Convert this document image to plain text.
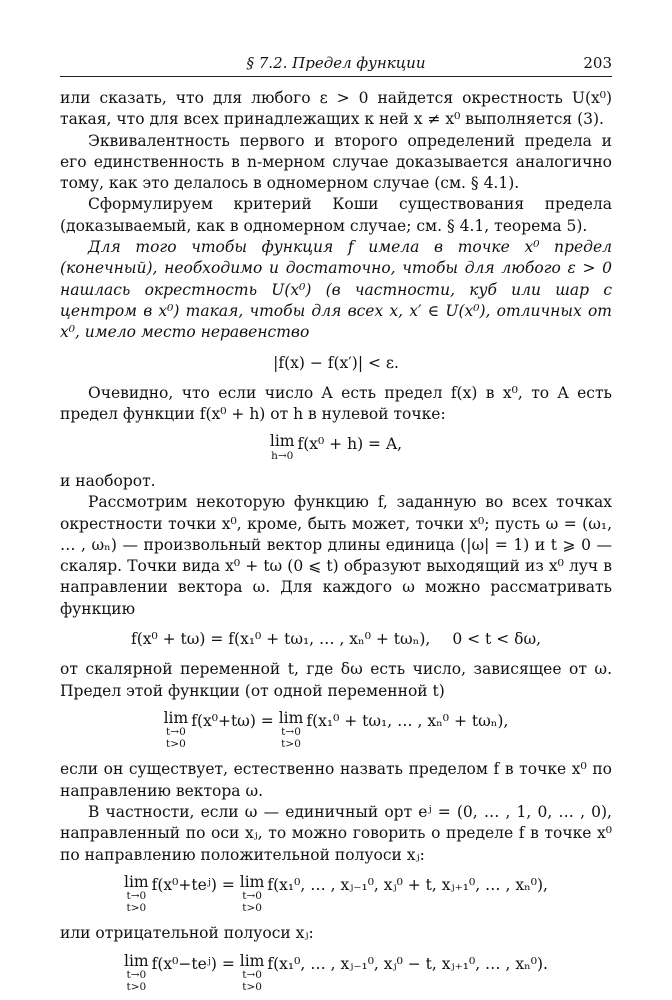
§ 7.2. Предел функции	203

или сказать, что для любого ε > 0 найдется окрестность U(x⁰) такая, что для всех принадлежащих к ней x ≠ x⁰ выполняется (3).

Эквивалентность первого и второго определений предела и его единственность в n-мерном случае доказывается аналогично тому, как это делалось в одномерном случае (см. § 4.1).

Сформулируем критерий Коши существования предела (доказываемый, как в одномерном случае; см. § 4.1, теорема 5).

Для того чтобы функция f имела в точке x⁰ предел (конечный), необходимо и достаточно, чтобы для любого ε > 0 нашлась окрестность U(x⁰) (в частности, куб или шар с центром в x⁰) такая, чтобы для всех x, x′ ∈ U(x⁰), отличных от x⁰, имело место неравенство

|f(x) − f(x′)| < ε.

Очевидно, что если число A есть предел f(x) в x⁰, то A есть предел функции f(x⁰ + h) от h в нулевой точке:

lim
h→0
f(x⁰ + h) = A,

и наоборот.

Рассмотрим некоторую функцию f, заданную во всех точках окрестности точки x⁰, кроме, быть может, точки x⁰; пусть ω = (ω₁, … , ωₙ) — произвольный вектор длины единица (|ω| = 1) и t ⩾ 0 — скаляр. Точки вида x⁰ + tω (0 ⩽ t) образуют выходящий из x⁰ луч в направлении вектора ω. Для каждого ω можно рассматривать функцию

f(x⁰ + tω) = f(x₁⁰ + tω₁, … , xₙ⁰ + tωₙ), 0 < t < δω,

от скалярной переменной t, где δω есть число, зависящее от ω. Предел этой функции (от одной переменной t)

lim
t→0
t>0
f(x⁰+tω) = lim
t→0
t>0
f(x₁⁰ + tω₁, … , xₙ⁰ + tωₙ),

если он существует, естественно назвать пределом f в точке x⁰ по направлению вектора ω.

В частности, если ω — единичный орт eʲ = (0, … , 1, 0, … , 0), направленный по оси xⱼ, то можно говорить о пределе f в точке x⁰ по направлению положительной полуоси xⱼ:

lim
t→0
t>0
f(x⁰+teʲ) = lim
t→0
t>0
f(x₁⁰, … , xⱼ₋₁⁰, xⱼ⁰ + t, xⱼ₊₁⁰, … , xₙ⁰),

или отрицательной полуоси xⱼ:

lim
t→0
t>0
f(x⁰−teʲ) = lim
t→0
t>0
f(x₁⁰, … , xⱼ₋₁⁰, xⱼ⁰ − t, xⱼ₊₁⁰, … , xₙ⁰).
